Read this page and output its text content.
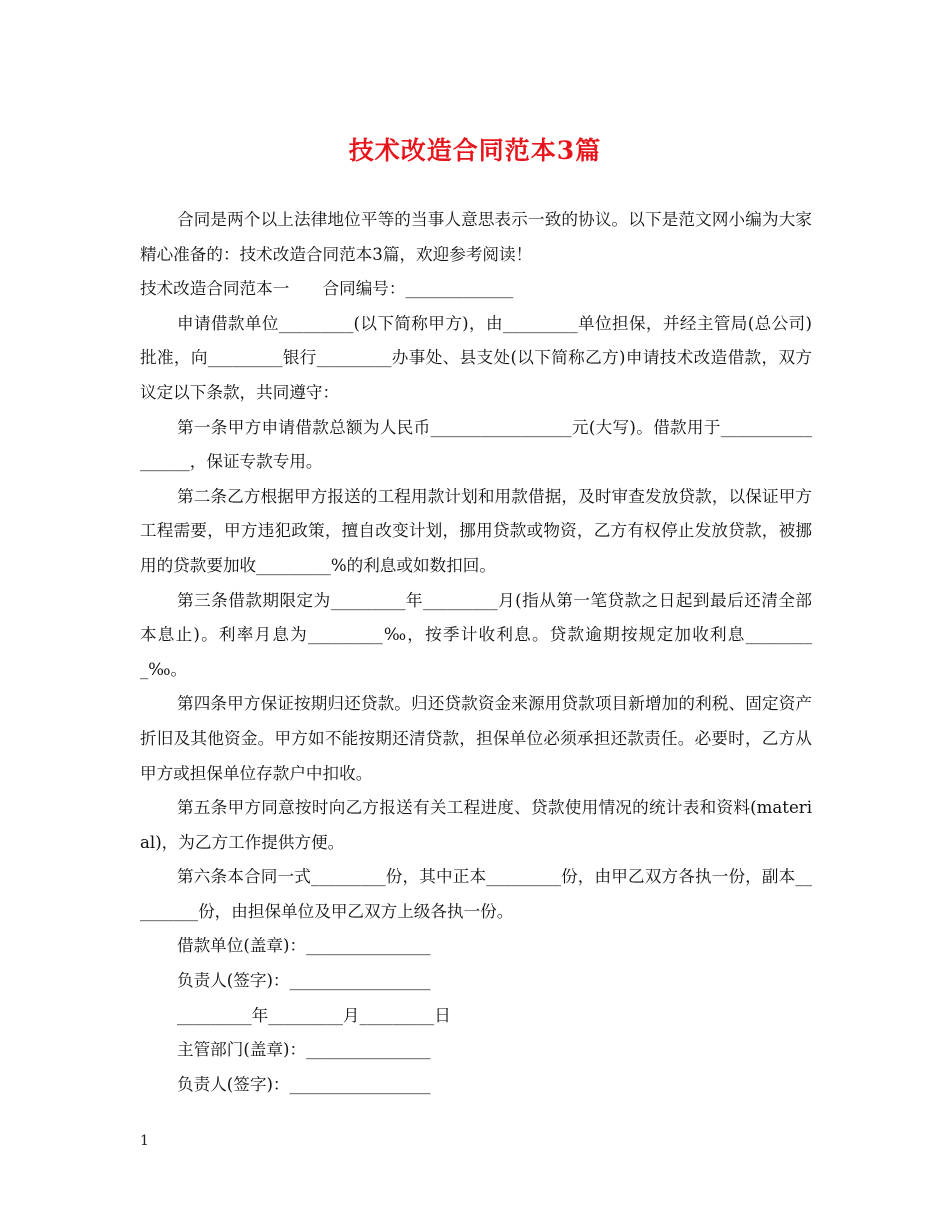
技术改造合同范本3篇

合同是两个以上法律地位平等的当事人意思表示一致的协议。以下是范文网小编为大家精心准备的：技术改造合同范本3篇，欢迎参考阅读！

技术改造合同范本一　　合同编号：_____________

申请借款单位_________(以下简称甲方)，由_________单位担保，并经主管局(总公司)批准，向_________银行_________办事处、县支处(以下简称乙方)申请技术改造借款，双方议定以下条款，共同遵守：

第一条甲方申请借款总额为人民币_________________元(大写)。借款用于_________________，保证专款专用。

第二条乙方根据甲方报送的工程用款计划和用款借据，及时审查发放贷款，以保证甲方工程需要，甲方违犯政策，擅自改变计划，挪用贷款或物资，乙方有权停止发放贷款，被挪用的贷款要加收_________%的利息或如数扣回。

第三条借款期限定为_________年_________月(指从第一笔贷款之日起到最后还清全部本息止)。利率月息为_________‰，按季计收利息。贷款逾期按规定加收利息_________‰。

第四条甲方保证按期归还贷款。归还贷款资金来源用贷款项目新增加的利税、固定资产折旧及其他资金。甲方如不能按期还清贷款，担保单位必须承担还款责任。必要时，乙方从甲方或担保单位存款户中扣收。

第五条甲方同意按时向乙方报送有关工程进度、贷款使用情况的统计表和资料(material)，为乙方工作提供方便。

第六条本合同一式_________份，其中正本_________份，由甲乙双方各执一份，副本_________份，由担保单位及甲乙双方上级各执一份。

借款单位(盖章)：_______________

负责人(签字)：_________________

_________年_________月_________日

主管部门(盖章)：_______________

负责人(签字)：_________________

1
